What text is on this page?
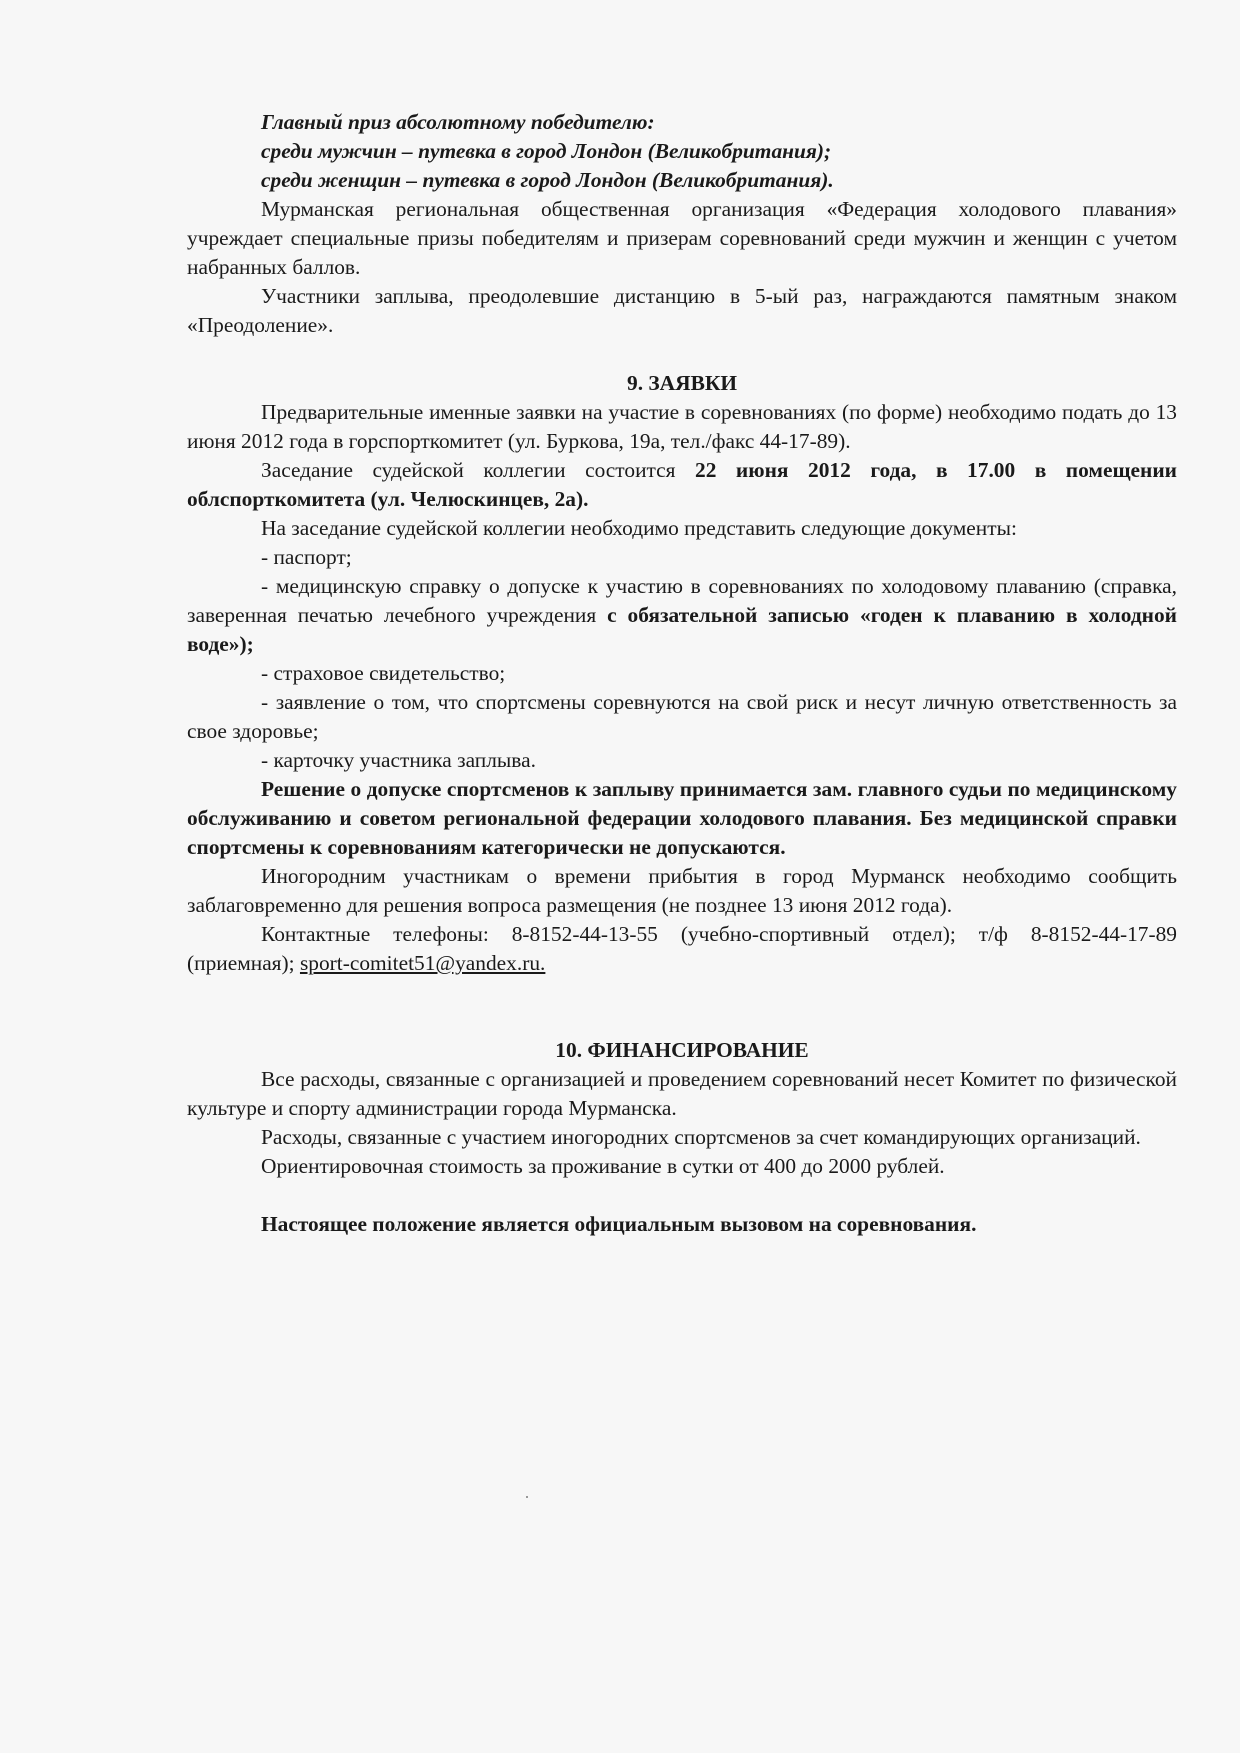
Главный приз абсолютному победителю:

среди мужчин – путевка в город Лондон (Великобритания);

среди женщин – путевка в город Лондон (Великобритания).

Мурманская региональная общественная организация «Федерация холодового плавания» учреждает специальные призы победителям и призерам соревнований среди мужчин и женщин с учетом набранных баллов.

Участники заплыва, преодолевшие дистанцию в 5-ый раз, награждаются памятным знаком «Преодоление».

9. ЗАЯВКИ

Предварительные именные заявки на участие в соревнованиях (по форме) необходимо подать до 13 июня 2012 года в горспорткомитет (ул. Буркова, 19а, тел./факс 44-17-89).

Заседание судейской коллегии состоится 22 июня 2012 года, в 17.00 в помещении облспорткомитета (ул. Челюскинцев, 2а).

На заседание судейской коллегии необходимо представить следующие документы:

- паспорт;

- медицинскую справку о допуске к участию в соревнованиях по холодовому плаванию (справка, заверенная печатью лечебного учреждения с обязательной записью «годен к плаванию в холодной воде»);

- страховое свидетельство;

- заявление о том, что спортсмены соревнуются на свой риск и несут личную ответственность за свое здоровье;

- карточку участника заплыва.

Решение о допуске спортсменов к заплыву принимается зам. главного судьи по медицинскому обслуживанию и советом региональной федерации холодового плавания. Без медицинской справки спортсмены к соревнованиям категорически не допускаются.

Иногородним участникам о времени прибытия в город Мурманск необходимо сообщить заблаговременно для решения вопроса размещения (не позднее 13 июня 2012 года).

Контактные телефоны: 8-8152-44-13-55 (учебно-спортивный отдел); т/ф 8-8152-44-17-89 (приемная); sport-comitet51@yandex.ru.

10. ФИНАНСИРОВАНИЕ

Все расходы, связанные с организацией и проведением соревнований несет Комитет по физической культуре и спорту администрации города Мурманска.

Расходы, связанные с участием иногородних спортсменов за счет командирующих организаций.

Ориентировочная стоимость за проживание в сутки от 400 до 2000 рублей.

Настоящее положение является официальным вызовом на соревнования.
